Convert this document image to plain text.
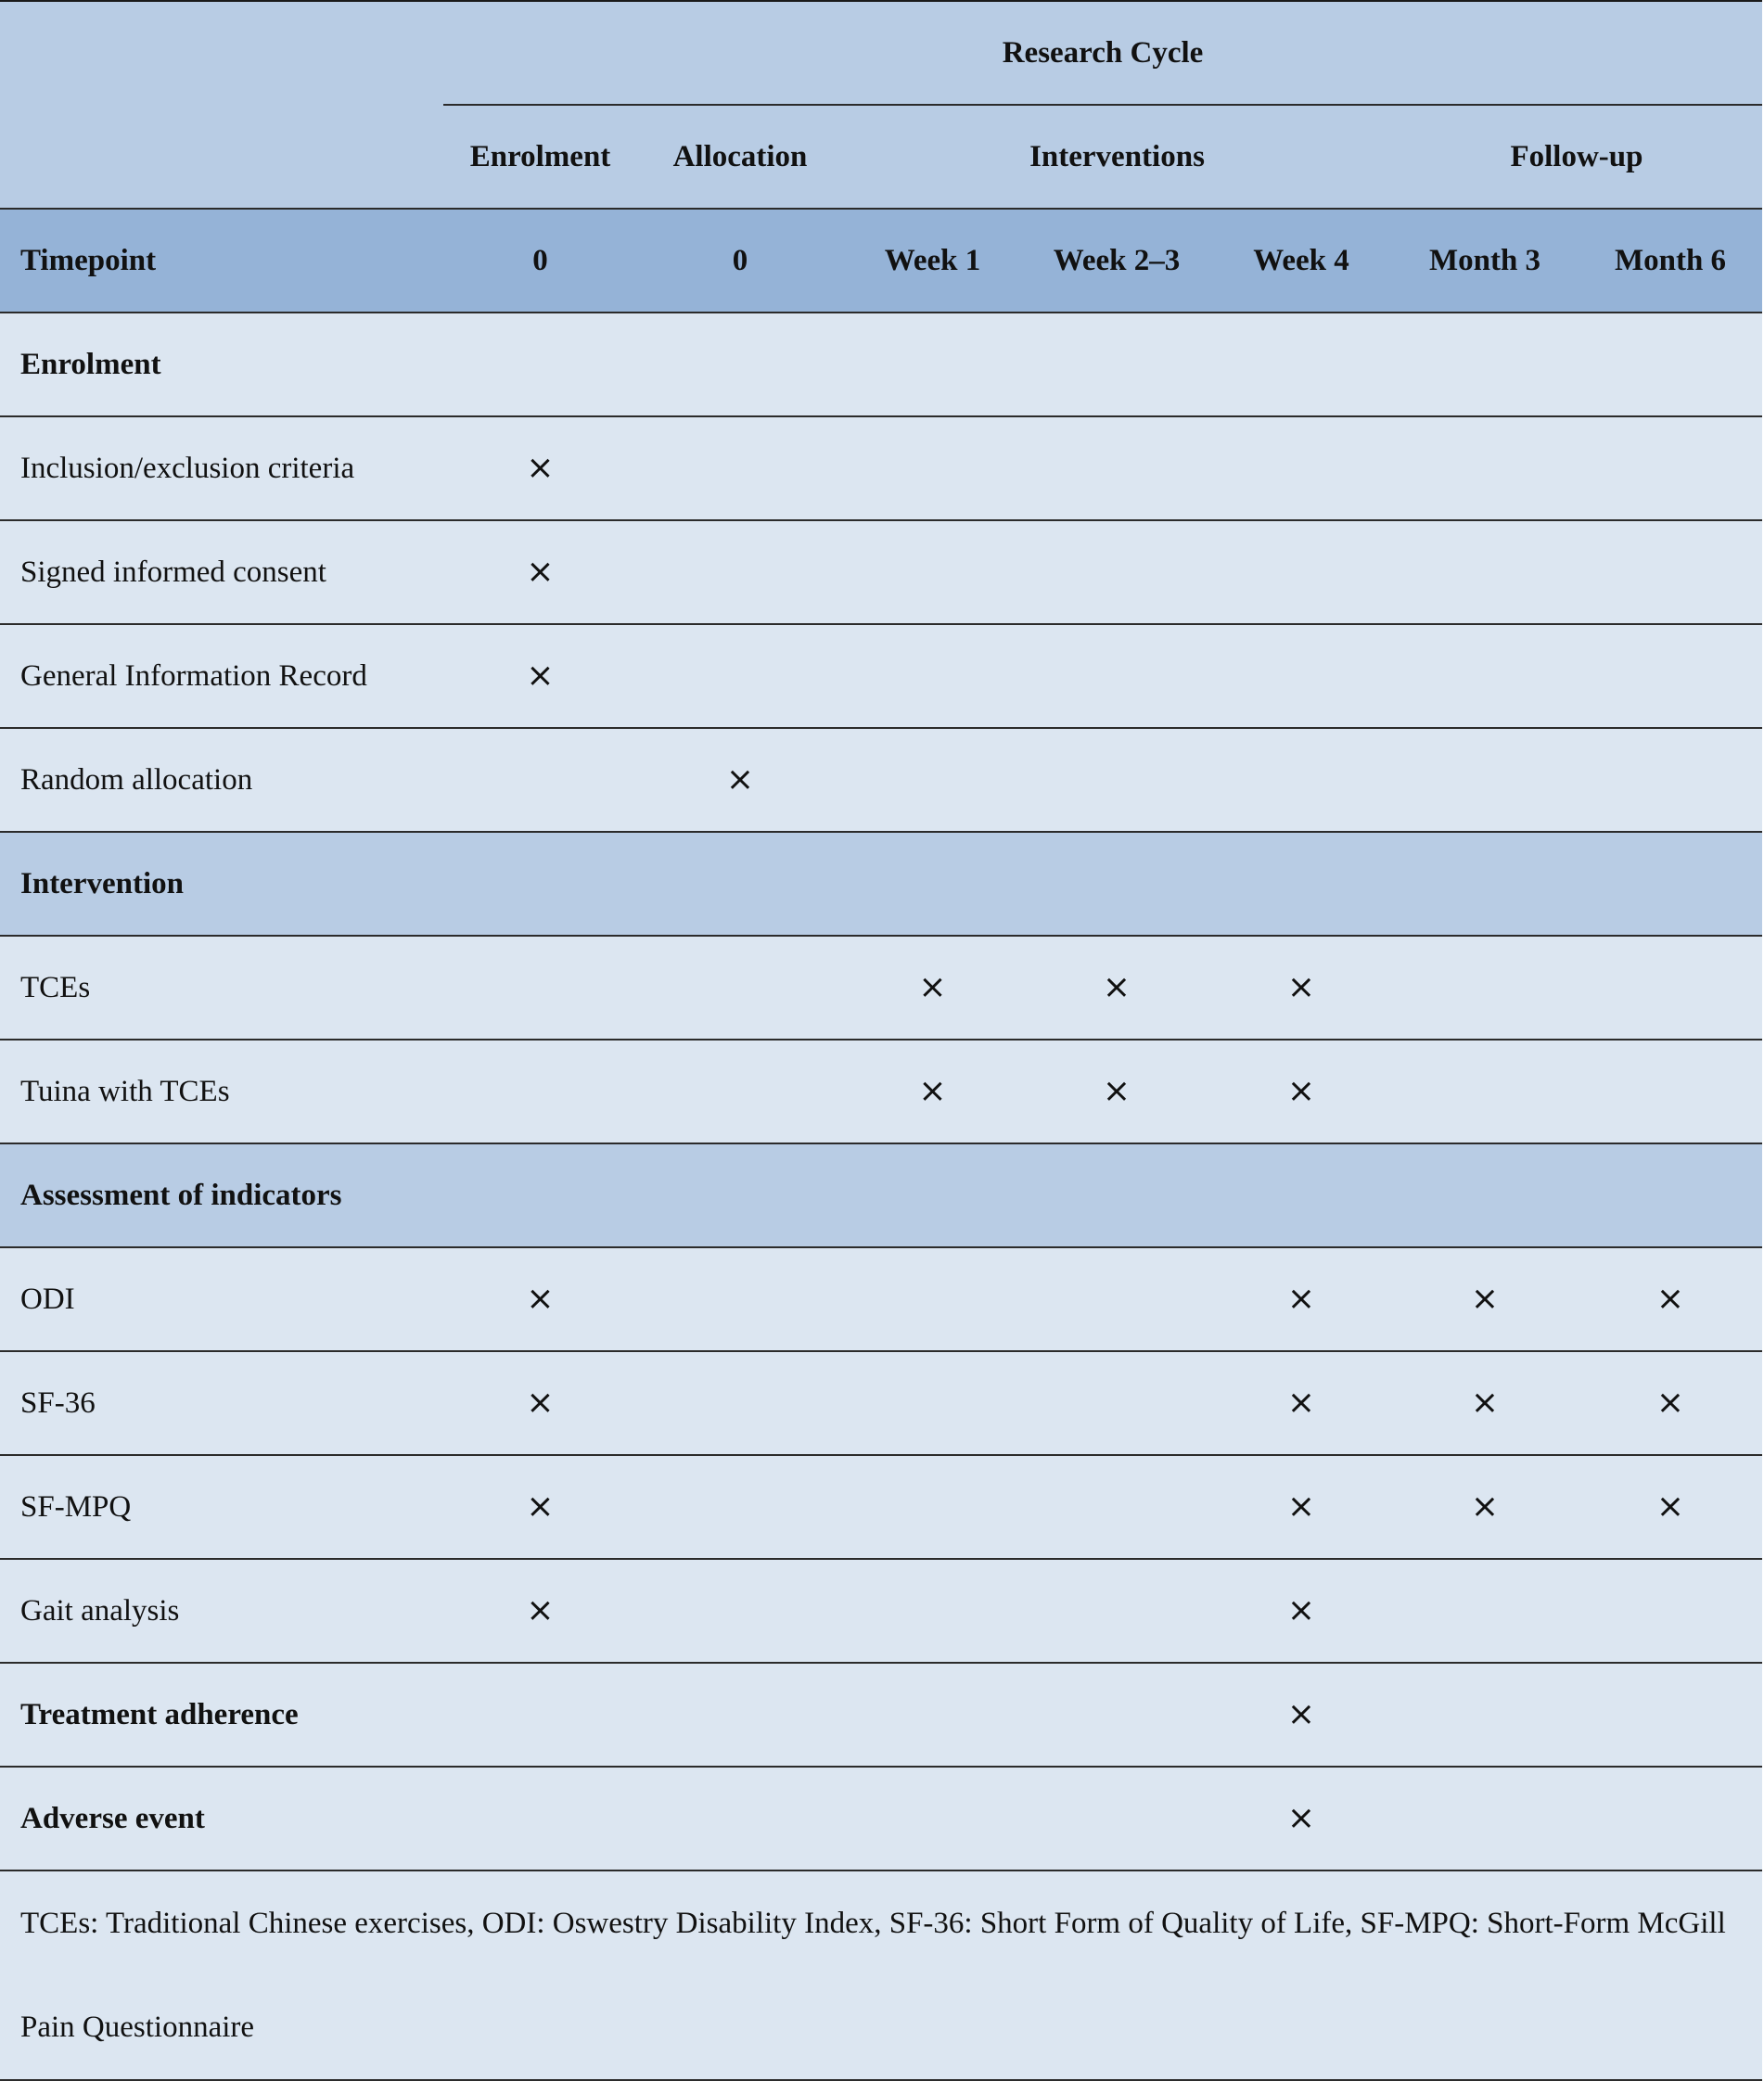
	Research Cycle						
	Enrolment	Allocation	Interventions			Follow-up	
Timepoint	0	0	Week 1	Week 2–3	Week 4	Month 3	Month 6
Enrolment							
Inclusion/exclusion criteria	×						
Signed informed consent	×						
General Information Record	×						
Random allocation		×					
Intervention							
TCEs			×	×	×		
Tuina with TCEs			×	×	×		
Assessment of indicators							
ODI	×				×	×	×
SF-36	×				×	×	×
SF-MPQ	×				×	×	×
Gait analysis	×				×		
Treatment adherence					×		
Adverse event					×		
TCEs: Traditional Chinese exercises, ODI: Oswestry Disability Index, SF-36: Short Form of Quality of Life, SF-MPQ: Short-Form McGill Pain Questionnaire							
